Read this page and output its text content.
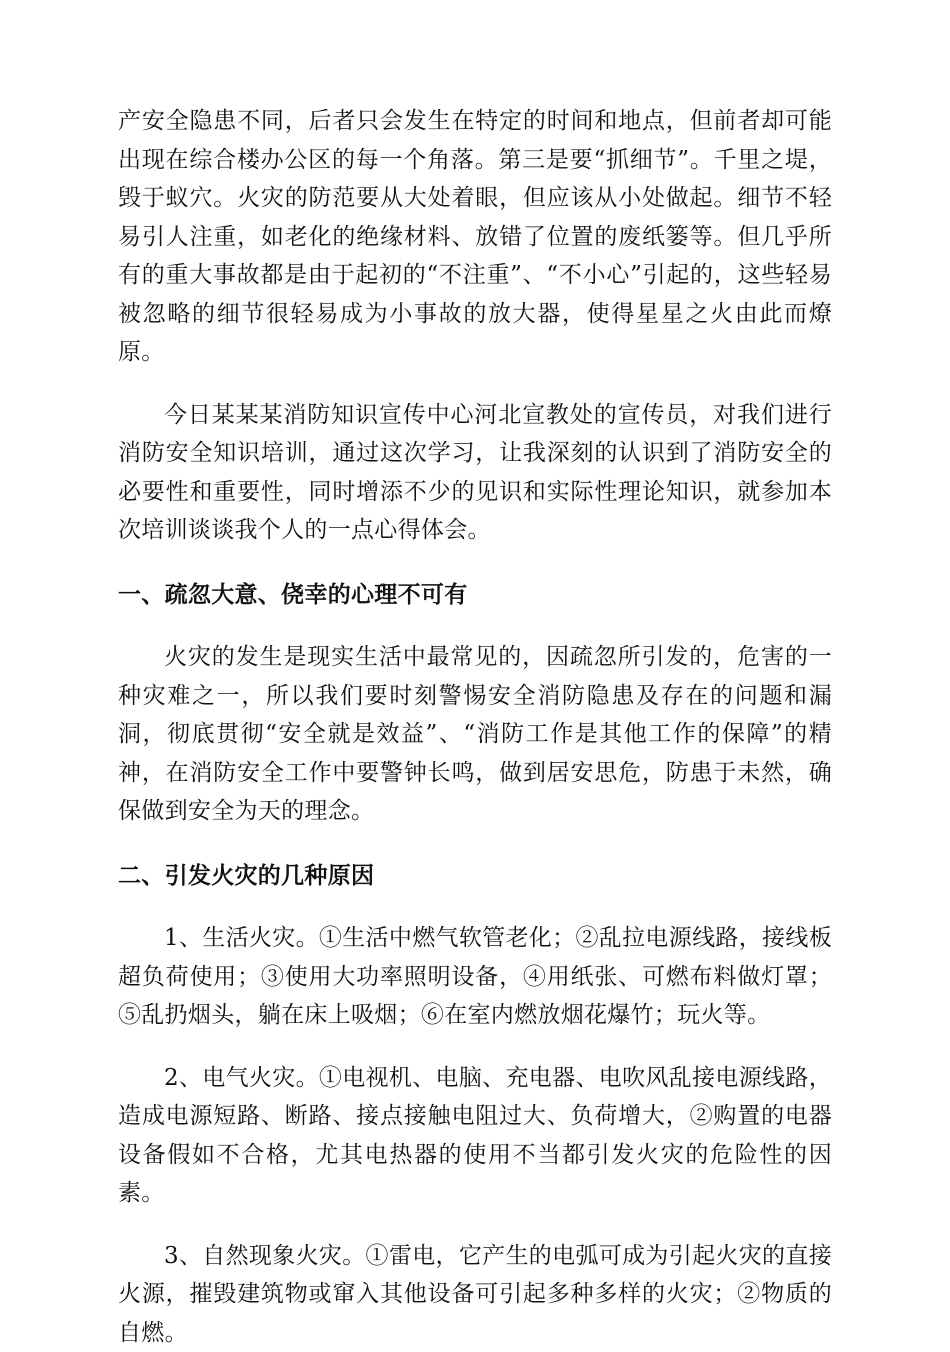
产安全隐患不同，后者只会发生在特定的时间和地点，但前者却可能出现在综合楼办公区的每一个角落。第三是要“抓细节”。千里之堤，毁于蚁穴。火灾的防范要从大处着眼，但应该从小处做起。细节不轻易引人注重，如老化的绝缘材料、放错了位置的废纸篓等。但几乎所有的重大事故都是由于起初的“不注重”、“不小心”引起的，这些轻易被忽略的细节很轻易成为小事故的放大器，使得星星之火由此而燎原。

今日某某某消防知识宣传中心河北宣教处的宣传员，对我们进行消防安全知识培训，通过这次学习，让我深刻的认识到了消防安全的必要性和重要性，同时增添不少的见识和实际性理论知识，就参加本次培训谈谈我个人的一点心得体会。

一、疏忽大意、侥幸的心理不可有

火灾的发生是现实生活中最常见的，因疏忽所引发的，危害的一种灾难之一，所以我们要时刻警惕安全消防隐患及存在的问题和漏洞，彻底贯彻“安全就是效益”、“消防工作是其他工作的保障”的精神，在消防安全工作中要警钟长鸣，做到居安思危，防患于未然，确保做到安全为天的理念。

二、引发火灾的几种原因

1、生活火灾。①生活中燃气软管老化；②乱拉电源线路，接线板超负荷使用；③使用大功率照明设备，④用纸张、可燃布料做灯罩；⑤乱扔烟头，躺在床上吸烟；⑥在室内燃放烟花爆竹；玩火等。

2、电气火灾。①电视机、电脑、充电器、电吹风乱接电源线路，造成电源短路、断路、接点接触电阻过大、负荷增大，②购置的电器设备假如不合格，尤其电热器的使用不当都引发火灾的危险性的因素。

3、自然现象火灾。①雷电，它产生的电弧可成为引起火灾的直接火源，摧毁建筑物或窜入其他设备可引起多种多样的火灾；②物质的自燃。
